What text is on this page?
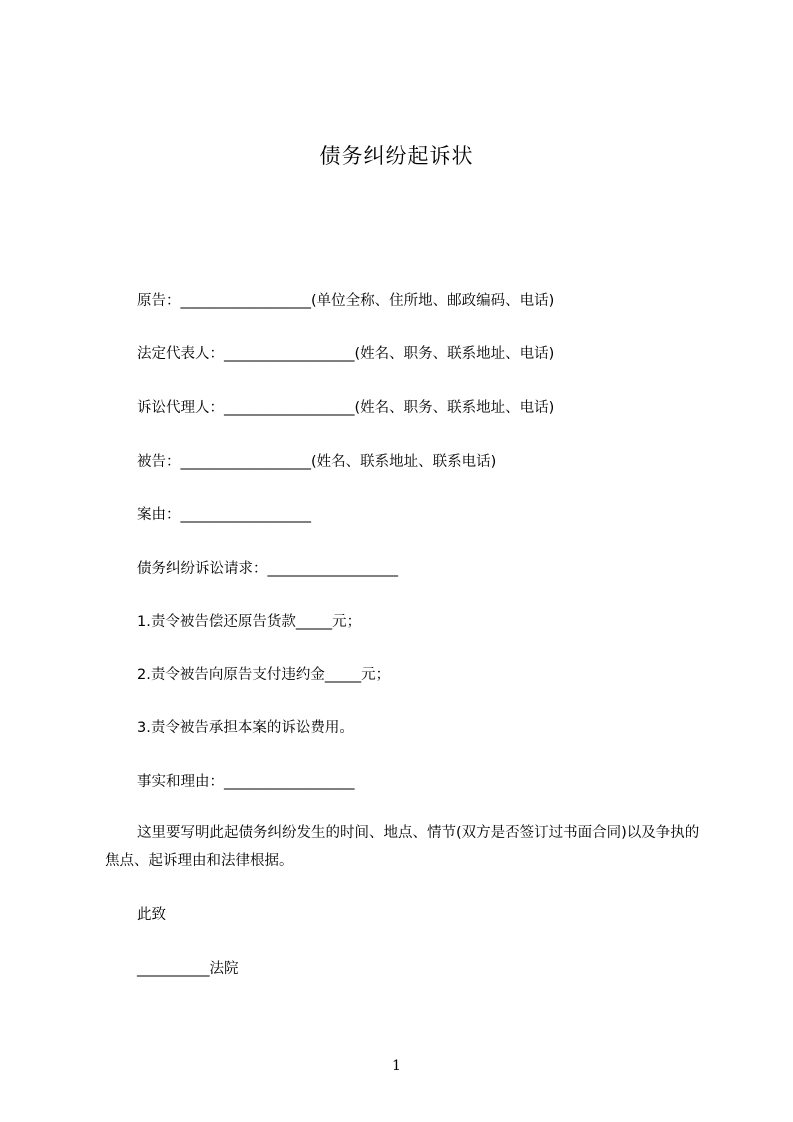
债务纠纷起诉状
原告：__________________(单位全称、住所地、邮政编码、电话)
法定代表人：__________________(姓名、职务、联系地址、电话)
诉讼代理人：__________________(姓名、职务、联系地址、电话)
被告：__________________(姓名、联系地址、联系电话)
案由：__________________
债务纠纷诉讼请求：__________________
1.责令被告偿还原告货款_____元；
2.责令被告向原告支付违约金_____元；
3.责令被告承担本案的诉讼费用。
事实和理由：__________________
这里要写明此起债务纠纷发生的时间、地点、情节(双方是否签订过书面合同)以及争执的焦点、起诉理由和法律根据。
此致
__________法院
1
